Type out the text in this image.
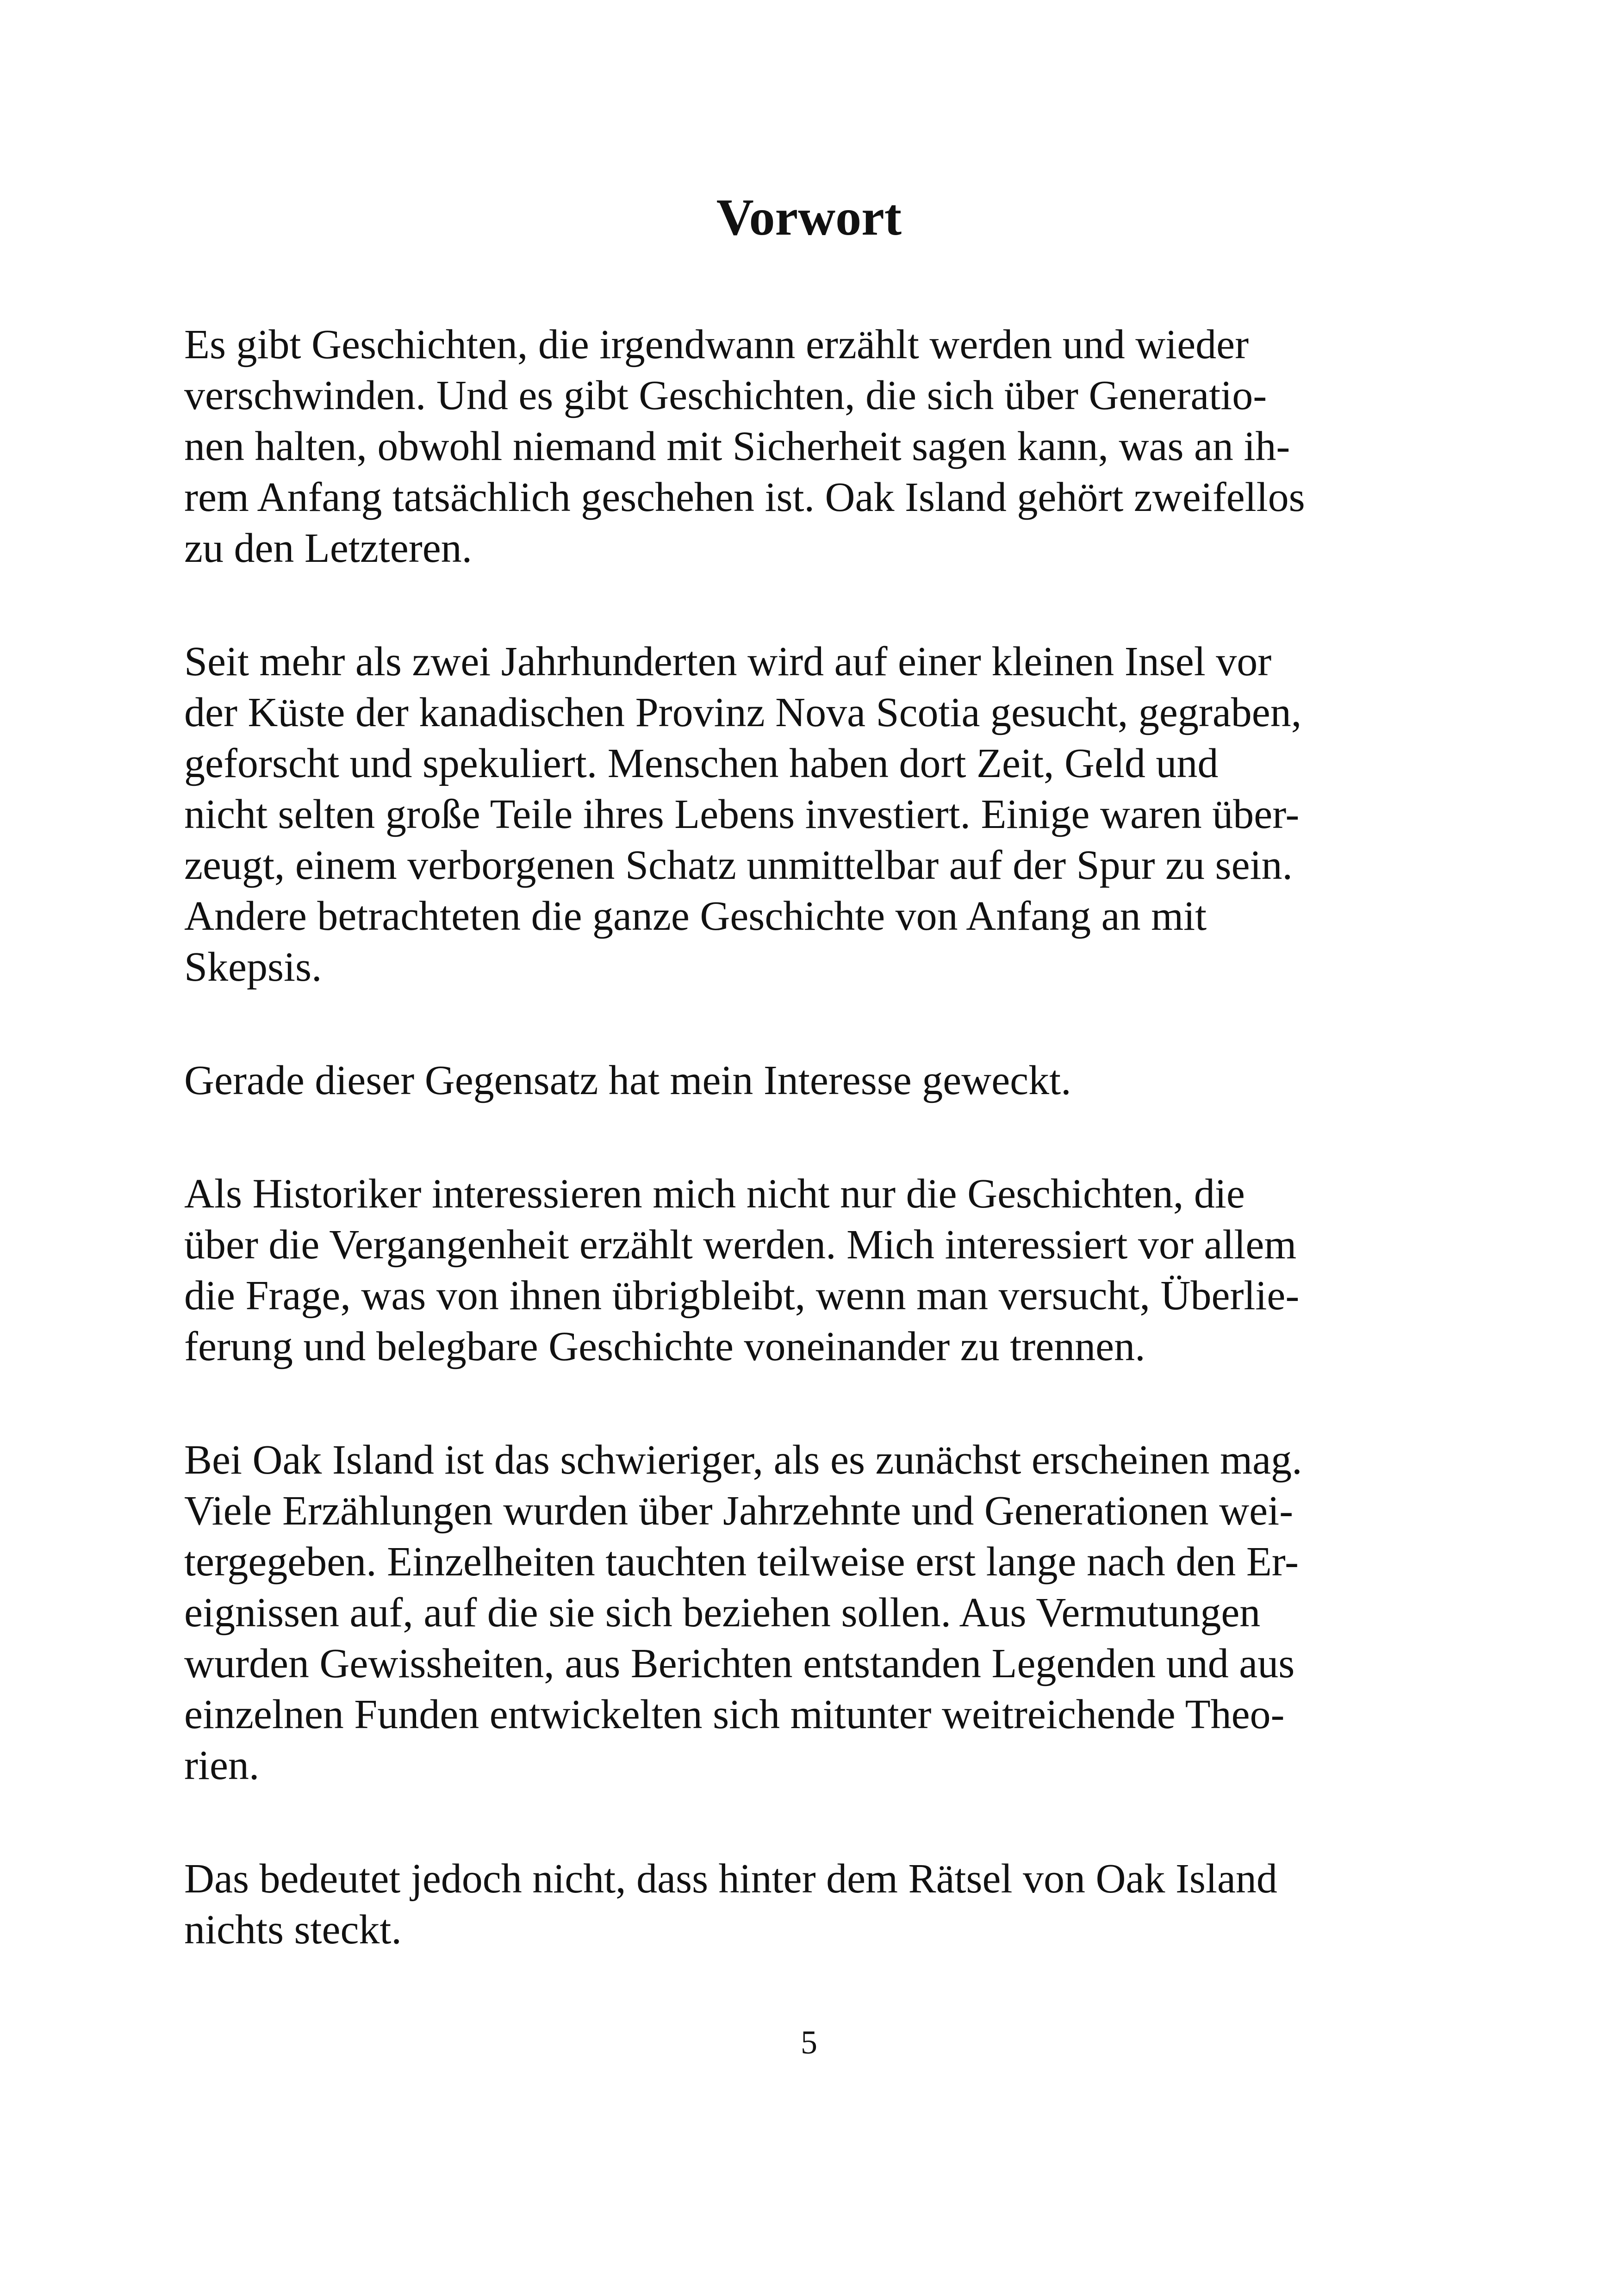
Vorwort

Es gibt Geschichten, die irgendwann erzählt werden und wieder

verschwinden. Und es gibt Geschichten, die sich über Generatio-

nen halten, obwohl niemand mit Sicherheit sagen kann, was an ih-

rem Anfang tatsächlich geschehen ist. Oak Island gehört zweifellos

zu den Letzteren.

Seit mehr als zwei Jahrhunderten wird auf einer kleinen Insel vor

der Küste der kanadischen Provinz Nova Scotia gesucht, gegraben,

geforscht und spekuliert. Menschen haben dort Zeit, Geld und

nicht selten große Teile ihres Lebens investiert. Einige waren über-

zeugt, einem verborgenen Schatz unmittelbar auf der Spur zu sein.

Andere betrachteten die ganze Geschichte von Anfang an mit

Skepsis.

Gerade dieser Gegensatz hat mein Interesse geweckt.

Als Historiker interessieren mich nicht nur die Geschichten, die

über die Vergangenheit erzählt werden. Mich interessiert vor allem

die Frage, was von ihnen übrigbleibt, wenn man versucht, Überlie-

ferung und belegbare Geschichte voneinander zu trennen.

Bei Oak Island ist das schwieriger, als es zunächst erscheinen mag.

Viele Erzählungen wurden über Jahrzehnte und Generationen wei-

tergegeben. Einzelheiten tauchten teilweise erst lange nach den Er-

eignissen auf, auf die sie sich beziehen sollen. Aus Vermutungen

wurden Gewissheiten, aus Berichten entstanden Legenden und aus

einzelnen Funden entwickelten sich mitunter weitreichende Theo-

rien.

Das bedeutet jedoch nicht, dass hinter dem Rätsel von Oak Island

nichts steckt.

5
